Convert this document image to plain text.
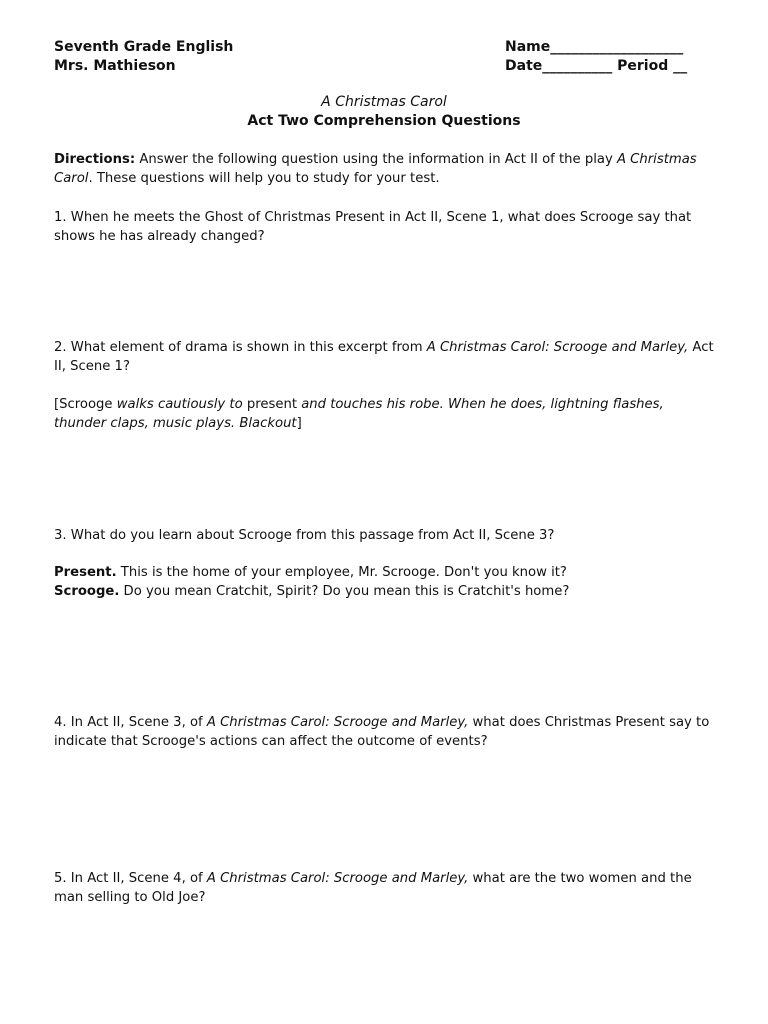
Seventh Grade English
Mrs. Mathieson
Name___________________
Date__________ Period __
A Christmas Carol
Act Two Comprehension Questions
Directions: Answer the following question using the information in Act II of the play A Christmas Carol. These questions will help you to study for your test.
1. When he meets the Ghost of Christmas Present in Act II, Scene 1, what does Scrooge say that shows he has already changed?
2. What element of drama is shown in this excerpt from A Christmas Carol: Scrooge and Marley, Act II, Scene 1?
[Scrooge walks cautiously to present and touches his robe. When he does, lightning flashes, thunder claps, music plays. Blackout]
3. What do you learn about Scrooge from this passage from Act II, Scene 3?
Present. This is the home of your employee, Mr. Scrooge. Don't you know it?
Scrooge. Do you mean Cratchit, Spirit? Do you mean this is Cratchit's home?
4. In Act II, Scene 3, of A Christmas Carol: Scrooge and Marley, what does Christmas Present say to indicate that Scrooge's actions can affect the outcome of events?
5. In Act II, Scene 4, of A Christmas Carol: Scrooge and Marley, what are the two women and the man selling to Old Joe?
